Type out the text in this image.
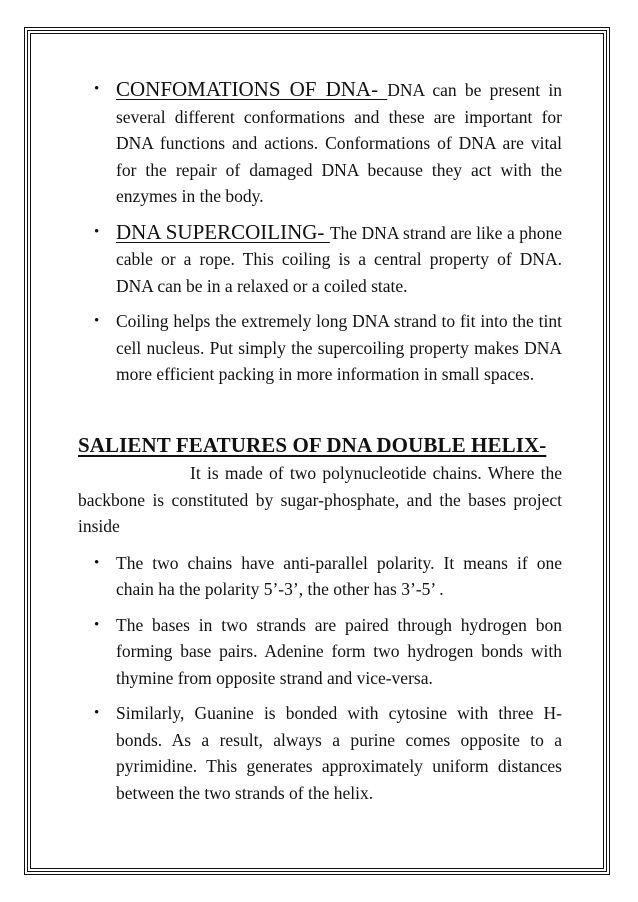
• CONFOMATIONS OF DNA- DNA can be present in several different conformations and these are important for DNA functions and actions. Conformations of DNA are vital for the repair of damaged DNA because they act with the enzymes in the body.
• DNA SUPERCOILING- The DNA strand are like a phone cable or a rope. This coiling is a central property of DNA. DNA can be in a relaxed or a coiled state.
• Coiling helps the extremely long DNA strand to fit into the tint cell nucleus. Put simply the supercoiling property makes DNA more efficient packing in more information in small spaces.
SALIENT FEATURES OF DNA DOUBLE HELIX-

It is made of two polynucleotide chains. Where the backbone is constituted by sugar-phosphate, and the bases project inside

• The two chains have anti-parallel polarity. It means if one chain ha the polarity 5’-3’, the other has 3’-5’ .
• The bases in two strands are paired through hydrogen bon forming base pairs. Adenine form two hydrogen bonds with thymine from opposite strand and vice-versa.
• Similarly, Guanine is bonded with cytosine with three H-bonds. As a result, always a purine comes opposite to a pyrimidine. This generates approximately uniform distances between the two strands of the helix.
